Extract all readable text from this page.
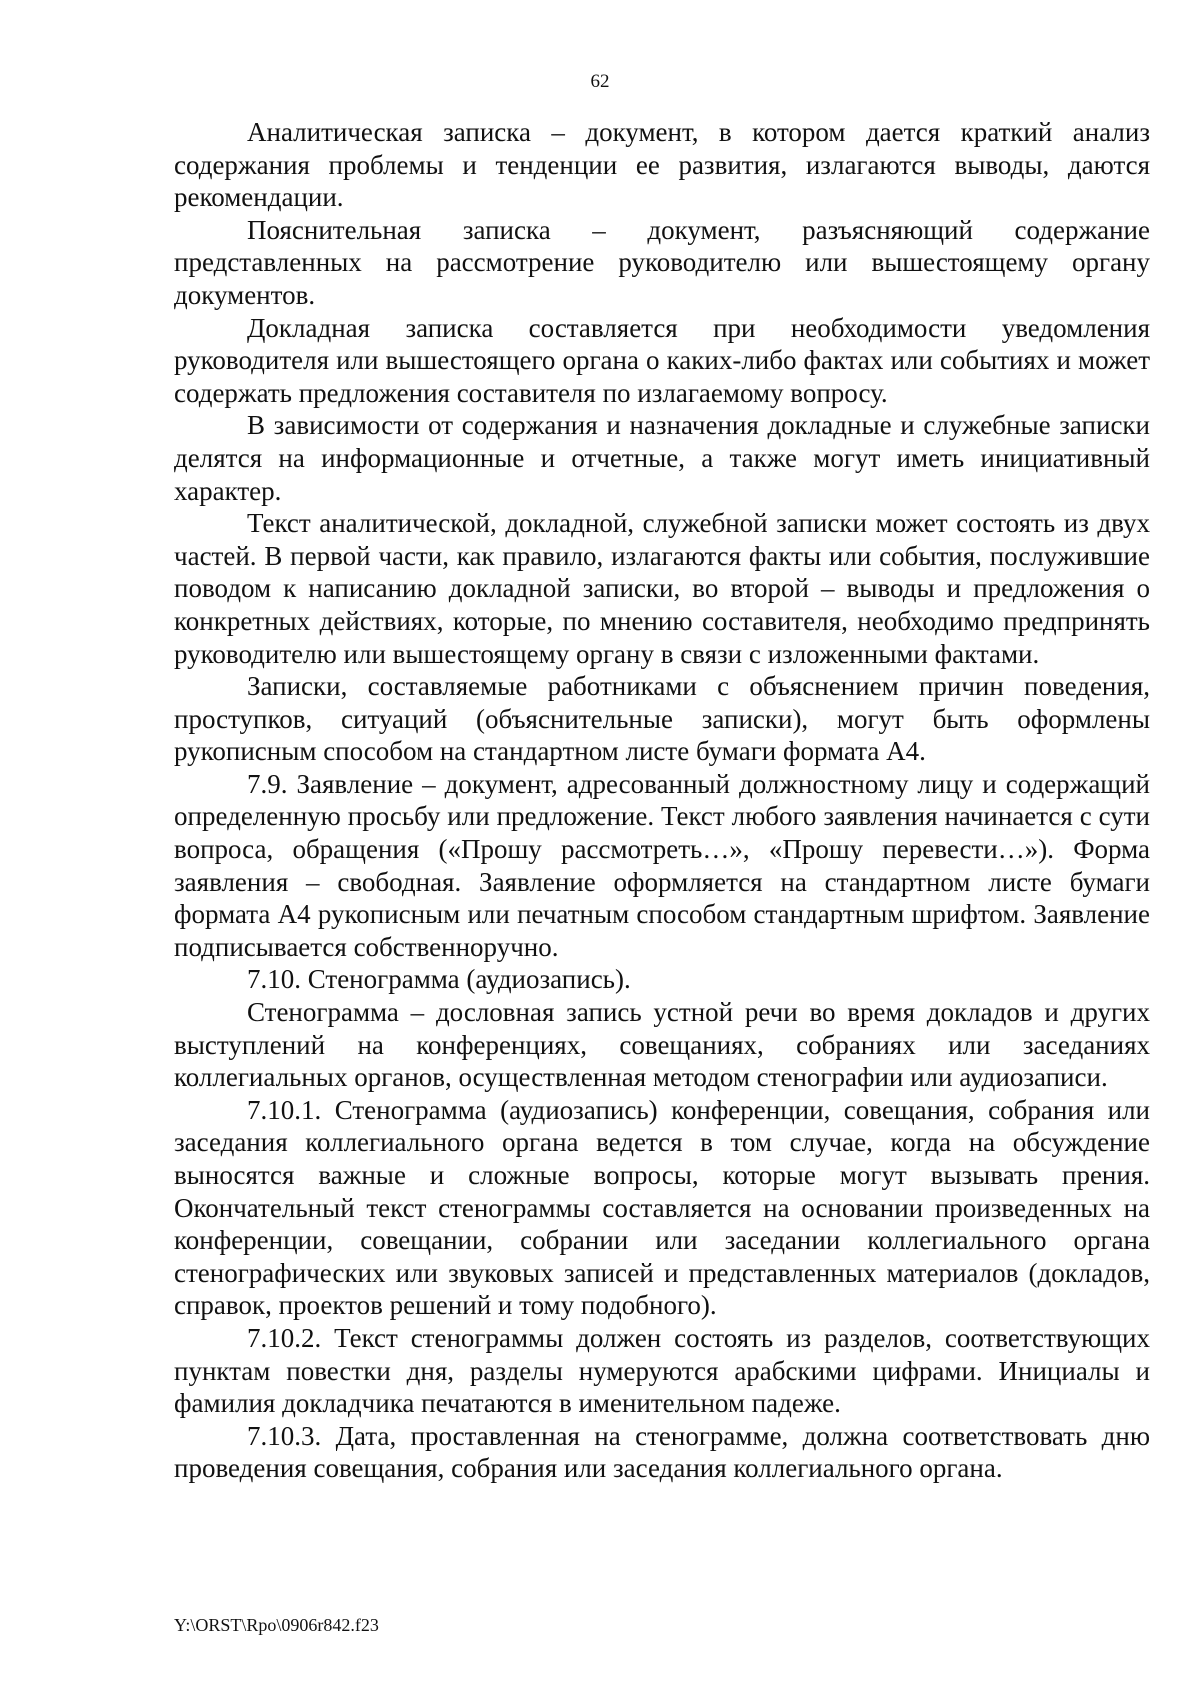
62

Аналитическая записка – документ, в котором дается краткий анализ содержания проблемы и тенденции ее развития, излагаются выводы, даются рекомендации.

Пояснительная записка – документ, разъясняющий содержание представленных на рассмотрение руководителю или вышестоящему органу документов.

Докладная записка составляется при необходимости уведомления руководителя или вышестоящего органа о каких-либо фактах или событиях и может содержать предложения составителя по излагаемому вопросу.

В зависимости от содержания и назначения докладные и служебные записки делятся на информационные и отчетные, а также могут иметь инициативный характер.

Текст аналитической, докладной, служебной записки может состоять из двух частей. В первой части, как правило, излагаются факты или события, послужившие поводом к написанию докладной записки, во второй – выводы и предложения о конкретных действиях, которые, по мнению составителя, необходимо предпринять руководителю или вышестоящему органу в связи с изложенными фактами.

Записки, составляемые работниками с объяснением причин поведения, проступков, ситуаций (объяснительные записки), могут быть оформлены рукописным способом на стандартном листе бумаги формата А4.

7.9. Заявление – документ, адресованный должностному лицу и содержащий определенную просьбу или предложение. Текст любого заявления начинается с сути вопроса, обращения («Прошу рассмотреть…», «Прошу перевести…»). Форма заявления – свободная. Заявление оформляется на стандартном листе бумаги формата А4 рукописным или печатным способом стандартным шрифтом. Заявление подписывается собственноручно.

7.10. Стенограмма (аудиозапись).

Стенограмма – дословная запись устной речи во время докладов и других выступлений на конференциях, совещаниях, собраниях или заседаниях коллегиальных органов, осуществленная методом стенографии или аудиозаписи.

7.10.1. Стенограмма (аудиозапись) конференции, совещания, собрания или заседания коллегиального органа ведется в том случае, когда на обсуждение выносятся важные и сложные вопросы, которые могут вызывать прения. Окончательный текст стенограммы составляется на основании произведенных на конференции, совещании, собрании или заседании коллегиального органа стенографических или звуковых записей и представленных материалов (докладов, справок, проектов решений и тому подобного).

7.10.2. Текст стенограммы должен состоять из разделов, соответствующих пунктам повестки дня, разделы нумеруются арабскими цифрами. Инициалы и фамилия докладчика печатаются в именительном падеже.

7.10.3. Дата, проставленная на стенограмме, должна соответствовать дню проведения совещания, собрания или заседания коллегиального органа.

Y:\ORST\Rpo\0906r842.f23
